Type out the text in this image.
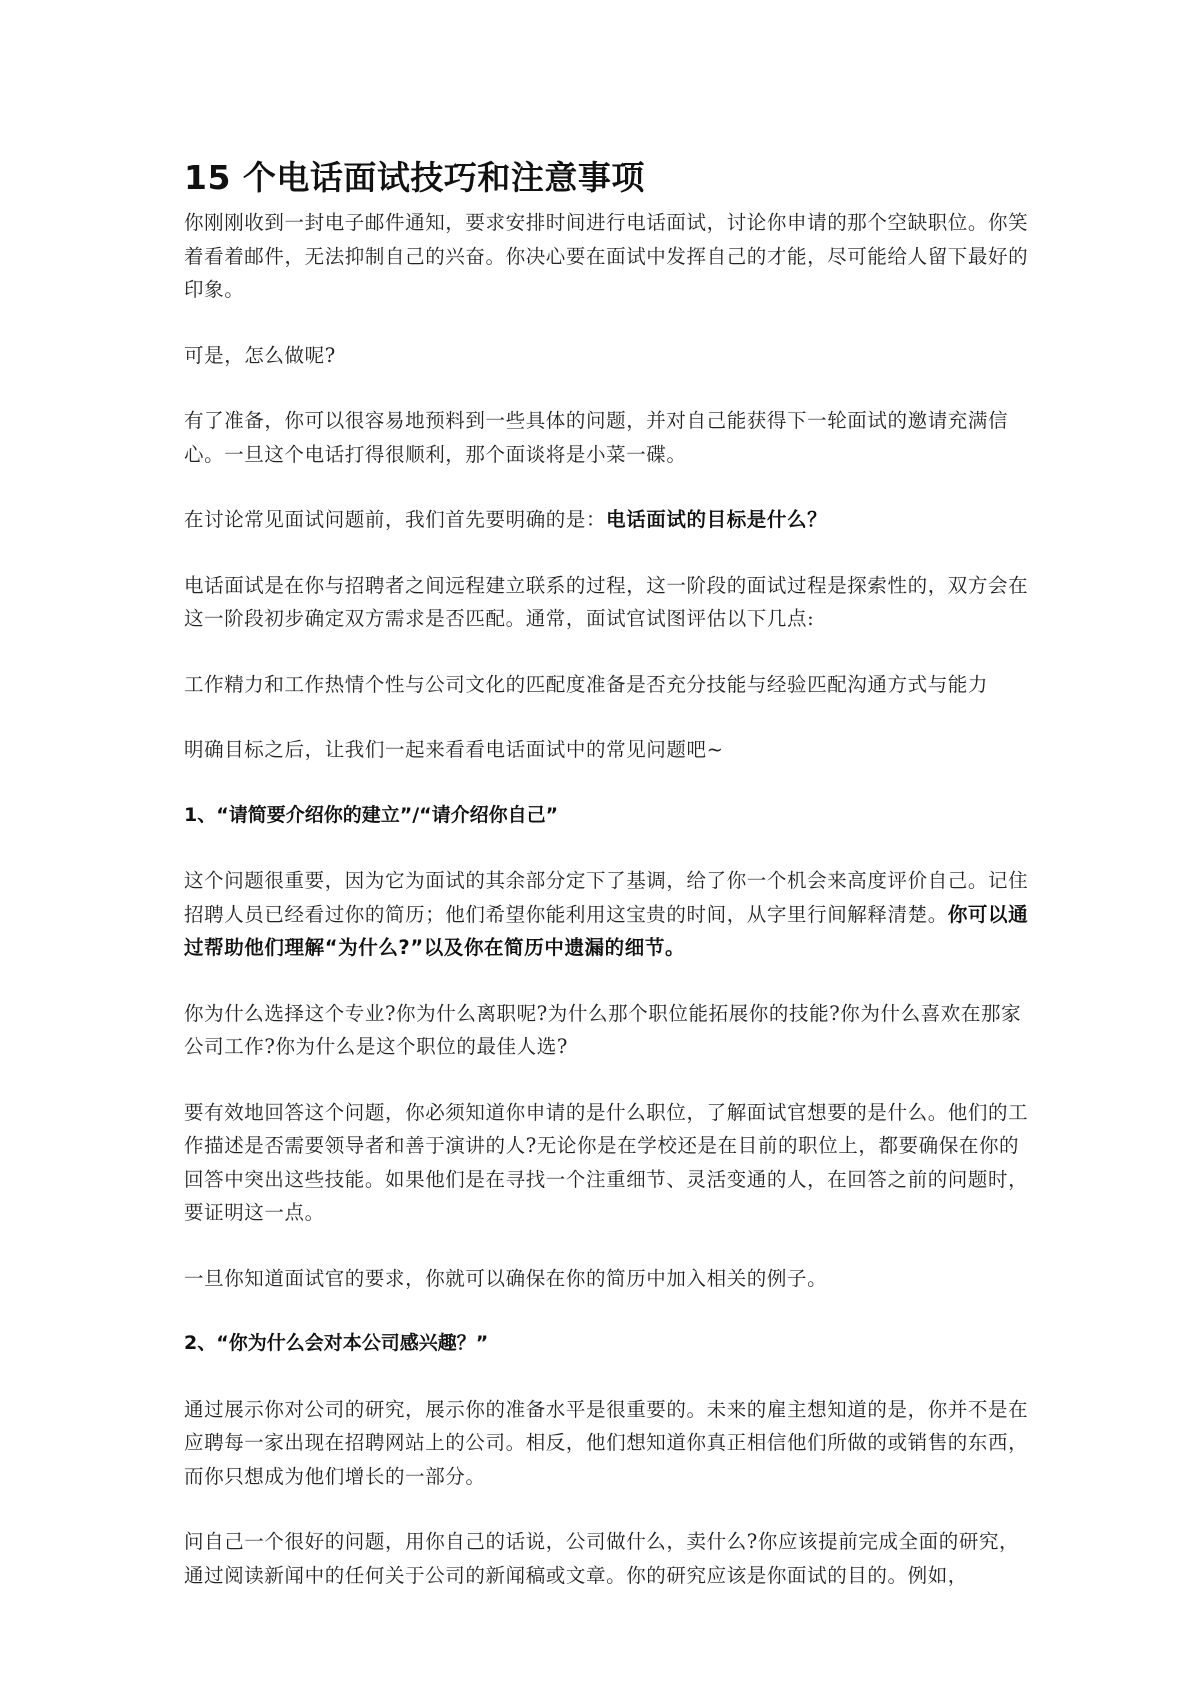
15 个电话面试技巧和注意事项

你刚刚收到一封电子邮件通知，要求安排时间进行电话面试，讨论你申请的那个空缺职位。你笑着看着邮件，无法抑制自己的兴奋。你决心要在面试中发挥自己的才能，尽可能给人留下最好的印象。

可是，怎么做呢?

有了准备，你可以很容易地预料到一些具体的问题，并对自己能获得下一轮面试的邀请充满信心。一旦这个电话打得很顺利，那个面谈将是小菜一碟。

在讨论常见面试问题前，我们首先要明确的是：电话面试的目标是什么？

电话面试是在你与招聘者之间远程建立联系的过程，这一阶段的面试过程是探索性的，双方会在这一阶段初步确定双方需求是否匹配。通常，面试官试图评估以下几点:

工作精力和工作热情个性与公司文化的匹配度准备是否充分技能与经验匹配沟通方式与能力

明确目标之后，让我们一起来看看电话面试中的常见问题吧~

1、“请简要介绍你的建立”/“请介绍你自己”

这个问题很重要，因为它为面试的其余部分定下了基调，给了你一个机会来高度评价自己。记住招聘人员已经看过你的简历；他们希望你能利用这宝贵的时间，从字里行间解释清楚。你可以通过帮助他们理解“为什么?”以及你在简历中遗漏的细节。

你为什么选择这个专业?你为什么离职呢?为什么那个职位能拓展你的技能?你为什么喜欢在那家公司工作?你为什么是这个职位的最佳人选?

要有效地回答这个问题，你必须知道你申请的是什么职位，了解面试官想要的是什么。他们的工作描述是否需要领导者和善于演讲的人?无论你是在学校还是在目前的职位上，都要确保在你的回答中突出这些技能。如果他们是在寻找一个注重细节、灵活变通的人，在回答之前的问题时，要证明这一点。

一旦你知道面试官的要求，你就可以确保在你的简历中加入相关的例子。

2、“你为什么会对本公司感兴趣？”

通过展示你对公司的研究，展示你的准备水平是很重要的。未来的雇主想知道的是，你并不是在应聘每一家出现在招聘网站上的公司。相反，他们想知道你真正相信他们所做的或销售的东西，而你只想成为他们增长的一部分。

问自己一个很好的问题，用你自己的话说，公司做什么，卖什么?你应该提前完成全面的研究，通过阅读新闻中的任何关于公司的新闻稿或文章。你的研究应该是你面试的目的。例如，
